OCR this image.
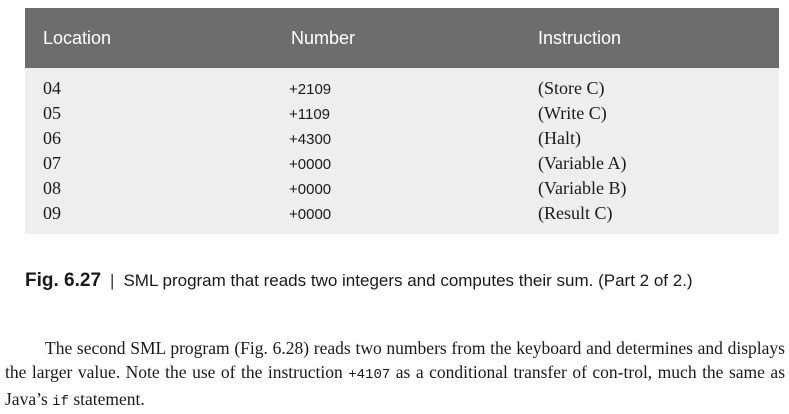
Location	Number	Instruction
04	+2109	(Store C)
05	+1109	(Write C)
06	+4300	(Halt)
07	+0000	(Variable A)
08	+0000	(Variable B)
09	+0000	(Result C)
Fig. 6.27 | SML program that reads two integers and computes their sum. (Part 2 of 2.)
The second SML program (Fig. 6.28) reads two numbers from the keyboard and determines and displays the larger value. Note the use of the instruction +4107 as a conditional transfer of con-trol, much the same as Java’s if statement.
